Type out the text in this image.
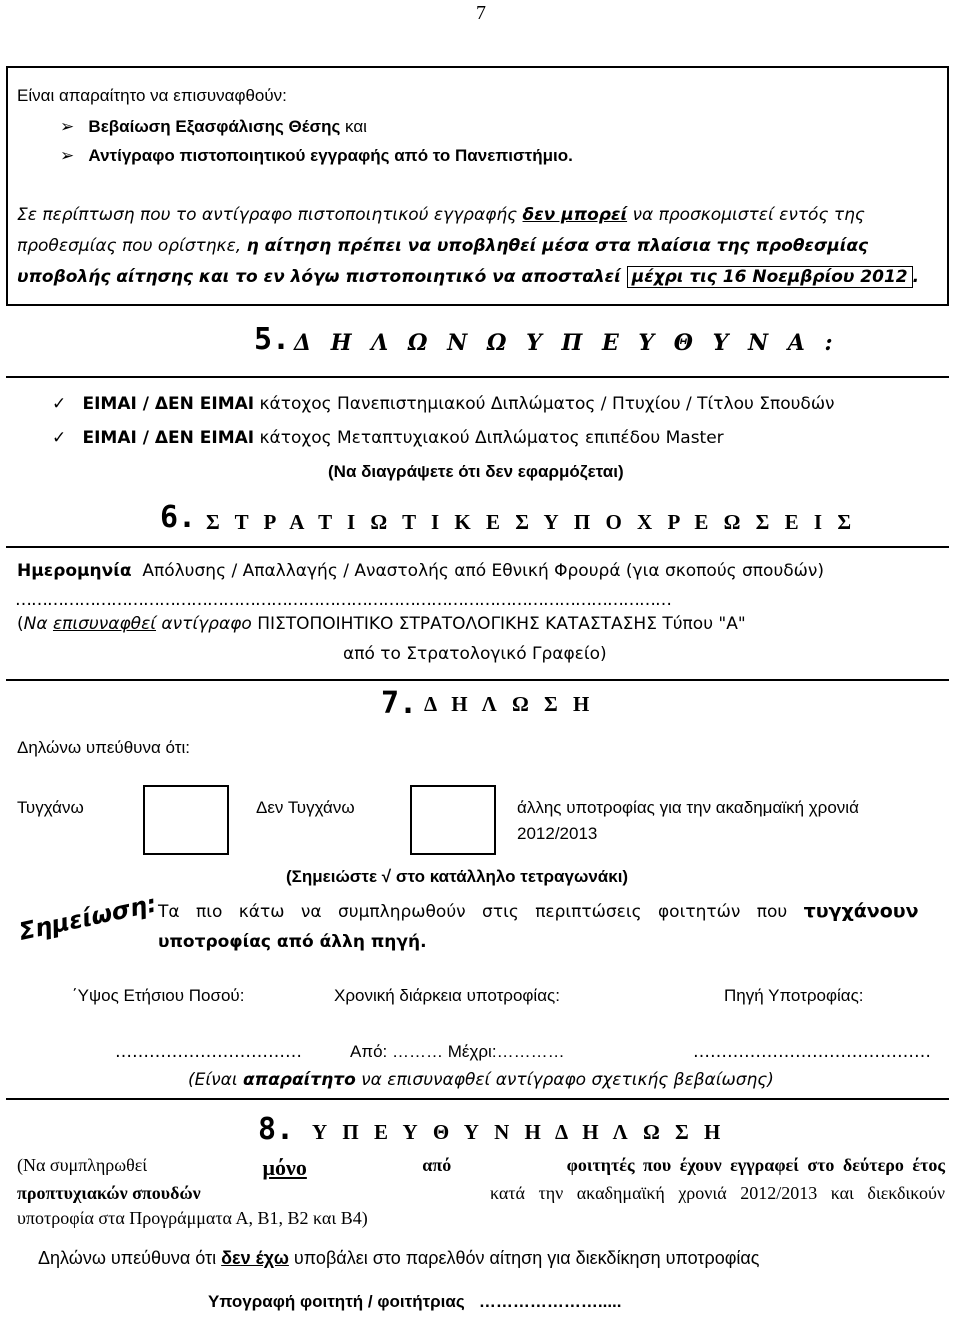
7
Είναι απαραίτητο να επισυναφθούν:
➢ Βεβαίωση Εξασφάλισης Θέσης και
➢ Αντίγραφο πιστοποιητικού εγγραφής από το Πανεπιστήμιο.
Σε περίπτωση που το αντίγραφο πιστοποιητικού εγγραφής δεν μπορεί να προσκομιστεί εντός της
προθεσμίας που ορίστηκε, η αίτηση πρέπει να υποβληθεί μέσα στα πλαίσια της προθεσμίας
υποβολής αίτησης και το εν λόγω πιστοποιητικό να αποσταλεί μέχρι τις 16 Νοεμβρίου 2012 .
5. Δ Η Λ Ω Ν Ω Υ Π Ε Υ Θ Υ Ν Α :
✓ ΕΙΜΑΙ / ΔΕΝ ΕΙΜΑΙ κάτοχος Πανεπιστημιακού Διπλώματος / Πτυχίου / Τίτλου Σπουδών
✓ ΕΙΜΑΙ / ΔΕΝ ΕΙΜΑΙ κάτοχος Μεταπτυχιακού Διπλώματος επιπέδου Master
(Να διαγράψετε ότι δεν εφαρμόζεται)
6. Σ Τ Ρ Α Τ Ι Ω Τ Ι Κ Ε Σ Υ Π Ο Χ Ρ Ε Ω Σ Ε Ι Σ
Ημερομηνία Απόλυσης / Απαλλαγής / Αναστολής από Εθνική Φρουρά (για σκοπούς σπουδών)
……………………………………………………………………………………………………………
(Να επισυναφθεί αντίγραφο ΠΙΣΤΟΠΟΙΗΤΙΚΟ ΣΤΡΑΤΟΛΟΓΙΚΗΣ ΚΑΤΑΣΤΑΣΗΣ Τύπου "Α"
από το Στρατολογικό Γραφείο)
7. Δ Η Λ Ω Σ Η
Δηλώνω υπεύθυνα ότι:
Τυγχάνω	Δεν Τυγχάνω	άλλης υποτροφίας για την ακαδημαϊκή χρονιά
2012/2013
(Σημειώστε √ στο κατάλληλο τετραγωνάκι)
Σημείωση:
Τα πιο κάτω να συμπληρωθούν στις περιπτώσεις φοιτητών που τυγχάνουν
υποτροφίας από άλλη πηγή.
΄Υψος Ετήσιου Ποσού:	Χρονική διάρκεια υποτροφίας:	Πηγή Υποτροφίας:
……………………………	Από: ……… Μέχρι:…………	……………………………………
(Είναι απαραίτητο να επισυναφθεί αντίγραφο σχετικής βεβαίωσης)
8. Υ Π Ε Υ Θ Υ Ν Η Δ Η Λ Ω Σ Η
(Να συμπληρωθεί	μόνο	από	φοιτητές που έχουν εγγραφεί στο δεύτερο έτος
προπτυχιακών σπουδών	κατά την ακαδημαϊκή χρονιά 2012/2013 και διεκδικούν
υποτροφία στα Προγράμματα Α, Β1, Β2 και Β4)
Δηλώνω υπεύθυνα ότι δεν έχω υποβάλει στο παρελθόν αίτηση για διεκδίκηση υποτροφίας
Υπογραφή φοιτητή / φοιτήτριας ………………….....
